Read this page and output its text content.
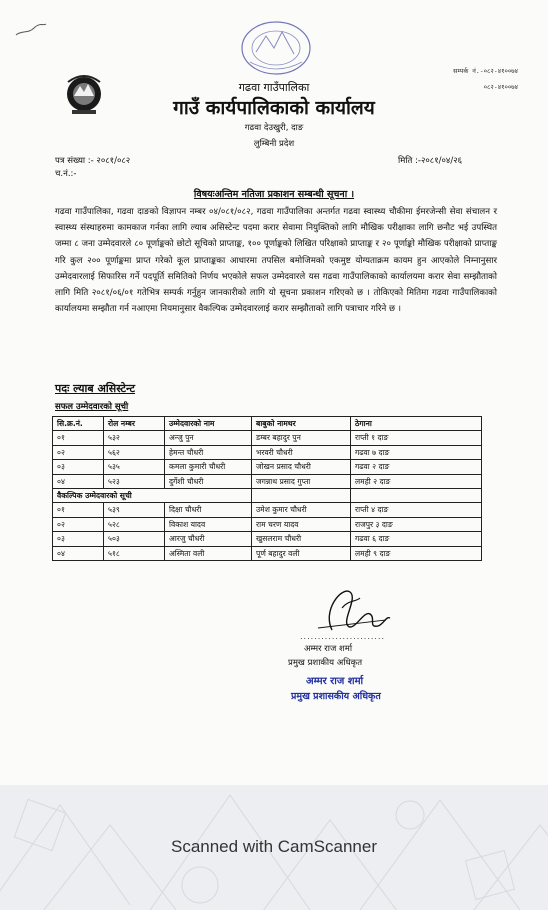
सम्पर्क नं.-०८२-४१००७४
०८२-४१००७४
गढवा गाउँपालिका
गाउँ कार्यपालिकाको कार्यालय
गढवा देउखुरी, दाङ
लुम्बिनी प्रदेश
पत्र संख्या :- २०८१/०८२
च.नं.:-
मिति :-२०८१/०४/२६
विषयःअन्तिम नतिजा प्रकाशन सम्बन्धी सूचना ।
गढवा गाउँपालिका, गढवा दाङको विज्ञापन नम्बर ०४/०८१/०८२, गढवा गाउँपालिका अन्तर्गत गढवा स्वास्थ्य चौकीमा ईमरजेन्सी सेवा संचालन र स्वास्थ्य संस्थाहरुमा कामकाज गर्नका लागि ल्याब असिस्टेन्ट पदमा करार सेवामा नियुक्तिको लागि मौखिक परीक्षाका लागि छनौट भई उपस्थित जम्मा ८ जना उम्मेदवारले ८० पूर्णाङ्कको छोटो सूचिको प्राप्ताङ्क, १०० पूर्णाङ्कको लिखित परिक्षाको प्राप्ताङ्क र २० पूर्णाङ्को मौखिक परीक्षाको प्राप्ताङ्क गरि कुल २०० पूर्णाङ्कमा प्राप्त गरेको कूल प्राप्ताङ्कका आधारमा तपसिल बमोजिमको एकमुष्ट योग्यताक्रम कायम हुन आएकोले निम्नानुसार उम्मेदवारलाई सिफारिस गर्ने पदपूर्ति समितिको निर्णय भएकोले सफल उम्मेदवारले यस गढवा गाउँपालिकाको कार्यालयमा करार सेवा सम्झौताको लागि मिति २०८१/०६/०१ गतेभित्र सम्पर्क गर्नुहुन जानकारीको लागि यो सूचना प्रकाशन गरिएको छ । तोकिएको मितिमा गढवा गाउँपालिकाको कार्यालयमा सम्झौता गर्न नआएमा नियमानुसार वैकल्पिक उम्मेदवारलाई करार सम्झौताको लागि पत्राचार गरिने छ ।
पदः ल्याब असिस्टेन्ट
सफल उम्मेदवारको सूची
सि.क्र.नं.	रोल नम्बर	उम्मेदवारको नाम	बाबुको नामथर	ठेगाना
०१	५३२	अन्जु पुन	डम्बर बहादुर पुन	राप्ती १ दाङ
०२	५६२	हेमन्त चौधरी	भरवरी चौधरी	गढवा ७ दाङ
०३	५३५	कमला कुमारी चौधरी	जोखन प्रसाद चौधरी	गढवा २ दाङ
०४	५२३	दुर्गेशी चौधरी	जगन्नाथ प्रसाद गुप्ता	लमही २ दाङ
वैकल्पिक उम्मेदवारको सूची				
०१	५३९	दिक्षा चौधरी	उमेश कुमार चौधरी	राप्ती ४ दाङ
०२	५२८	विकाश यादव	राम चरण यादव	राजपुर ३ दाङ
०३	५०३	आरजु चौधरी	खुसलराम चौधरी	गढवा ६ दाङ
०४	५१८	अस्मिता वली	पूर्ण बहादुर वली	लमही ९ दाङ
........................
अम्मर राज शर्मा
प्रमुख प्रशाकीय अधिकृत
अम्मर राज शर्मा
प्रमुख प्रशासकीय अधिकृत
Scanned with CamScanner
